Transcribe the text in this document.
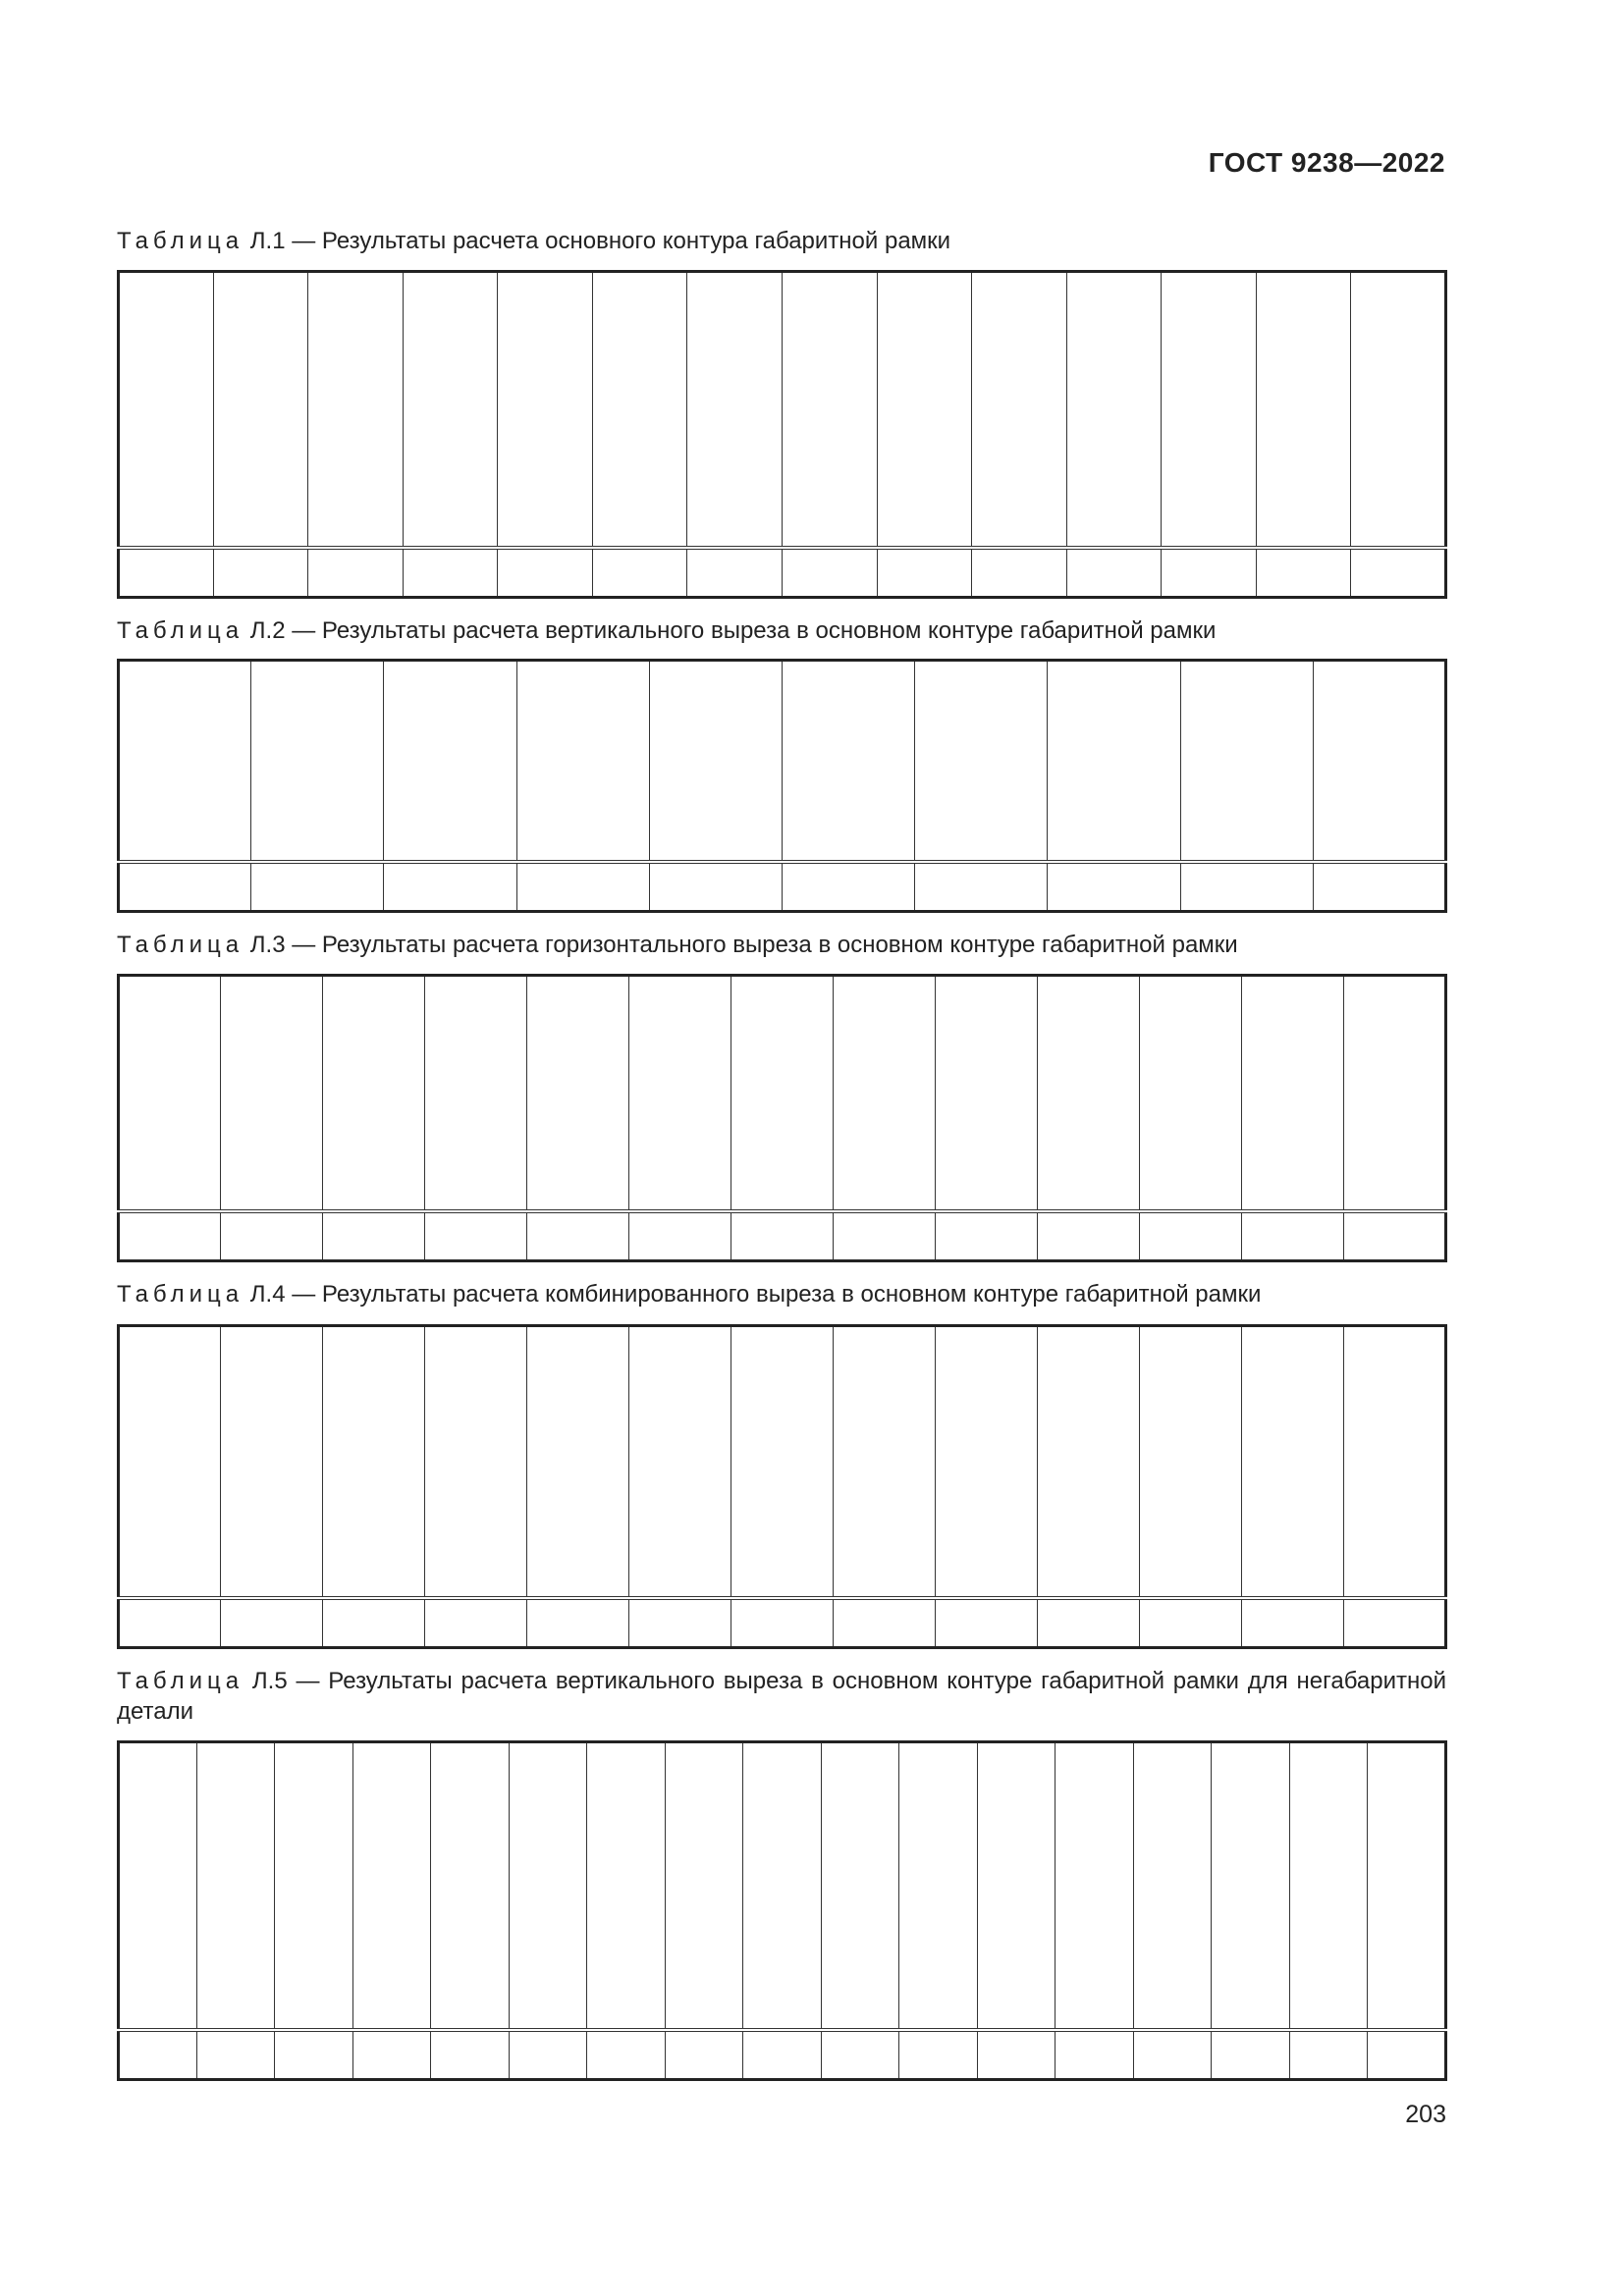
ГОСТ 9238—2022
Таблица Л.1 — Результаты расчета основного контура габаритной рамки

Таблица Л.2 — Результаты расчета вертикального выреза в основном контуре габаритной рамки

Таблица Л.3 — Результаты расчета горизонтального выреза в основном контуре габаритной рамки

Таблица Л.4 — Результаты расчета комбинированного выреза в основном контуре габаритной рамки

Таблица Л.5 — Результаты расчета вертикального выреза в основном контуре габаритной рамки для негабаритной детали

203
